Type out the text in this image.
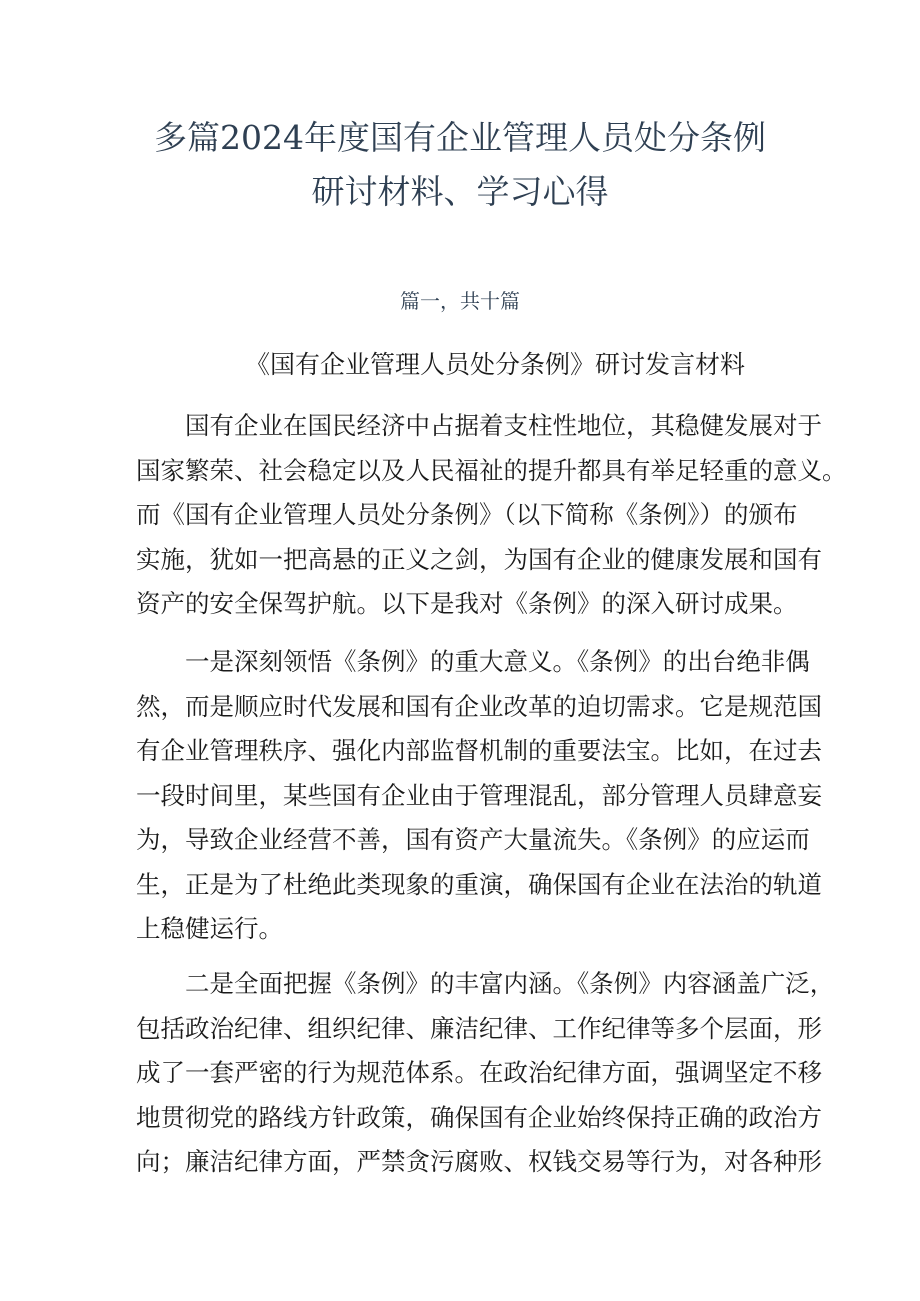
多篇2024年度国有企业管理人员处分条例
研讨材料、学习心得
篇一，共十篇
《国有企业管理人员处分条例》研讨发言材料
国有企业在国民经济中占据着支柱性地位，其稳健发展对于
国家繁荣、社会稳定以及人民福祉的提升都具有举足轻重的意义。
而《国有企业管理人员处分条例》（以下简称《条例》）的颁布
实施，犹如一把高悬的正义之剑，为国有企业的健康发展和国有
资产的安全保驾护航。以下是我对《条例》的深入研讨成果。
一是深刻领悟《条例》的重大意义。《条例》的出台绝非偶
然，而是顺应时代发展和国有企业改革的迫切需求。它是规范国
有企业管理秩序、强化内部监督机制的重要法宝。比如，在过去
一段时间里，某些国有企业由于管理混乱，部分管理人员肆意妄
为，导致企业经营不善，国有资产大量流失。《条例》的应运而
生，正是为了杜绝此类现象的重演，确保国有企业在法治的轨道
上稳健运行。
二是全面把握《条例》的丰富内涵。《条例》内容涵盖广泛，
包括政治纪律、组织纪律、廉洁纪律、工作纪律等多个层面，形
成了一套严密的行为规范体系。在政治纪律方面，强调坚定不移
地贯彻党的路线方针政策，确保国有企业始终保持正确的政治方
向；廉洁纪律方面，严禁贪污腐败、权钱交易等行为，对各种形
